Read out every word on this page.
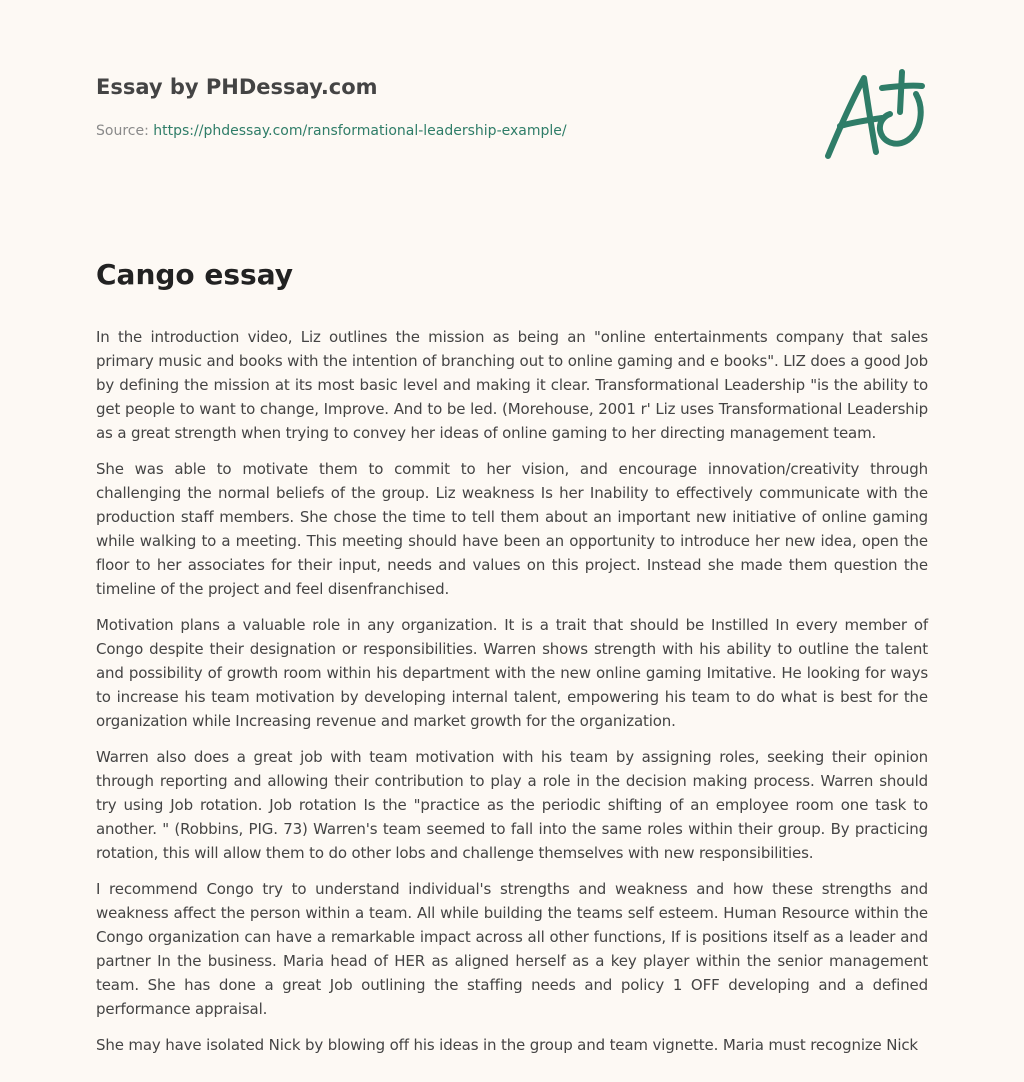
Essay by PHDessay.com
Source: https://phdessay.com/ransformational-leadership-example/
Cango essay

In the introduction video, Liz outlines the mission as being an "online entertainments company that sales primary music and books with the intention of branching out to online gaming and e books". LIZ does a good Job by defining the mission at its most basic level and making it clear. Transformational Leadership "is the ability to get people to want to change, Improve. And to be led. (Morehouse, 2001 r' Liz uses Transformational Leadership as a great strength when trying to convey her ideas of online gaming to her directing management team.

She was able to motivate them to commit to her vision, and encourage innovation/creativity through challenging the normal beliefs of the group. Liz weakness Is her Inability to effectively communicate with the production staff members. She chose the time to tell them about an important new initiative of online gaming while walking to a meeting. This meeting should have been an opportunity to introduce her new idea, open the floor to her associates for their input, needs and values on this project. Instead she made them question the timeline of the project and feel disenfranchised.

Motivation plans a valuable role in any organization. It is a trait that should be Instilled In every member of Congo despite their designation or responsibilities. Warren shows strength with his ability to outline the talent and possibility of growth room within his department with the new online gaming Imitative. He looking for ways to increase his team motivation by developing internal talent, empowering his team to do what is best for the organization while Increasing revenue and market growth for the organization.

Warren also does a great job with team motivation with his team by assigning roles, seeking their opinion through reporting and allowing their contribution to play a role in the decision making process. Warren should try using Job rotation. Job rotation Is the "practice as the periodic shifting of an employee room one task to another. " (Robbins, PIG. 73) Warren's team seemed to fall into the same roles within their group. By practicing rotation, this will allow them to do other lobs and challenge themselves with new responsibilities.

I recommend Congo try to understand individual's strengths and weakness and how these strengths and weakness affect the person within a team. All while building the teams self esteem. Human Resource within the Congo organization can have a remarkable impact across all other functions, If is positions itself as a leader and partner In the business. Maria head of HER as aligned herself as a key player within the senior management team. She has done a great Job outlining the staffing needs and policy 1 OFF developing and a defined performance appraisal.

She may have isolated Nick by blowing off his ideas in the group and team vignette. Maria must recognize Nick
